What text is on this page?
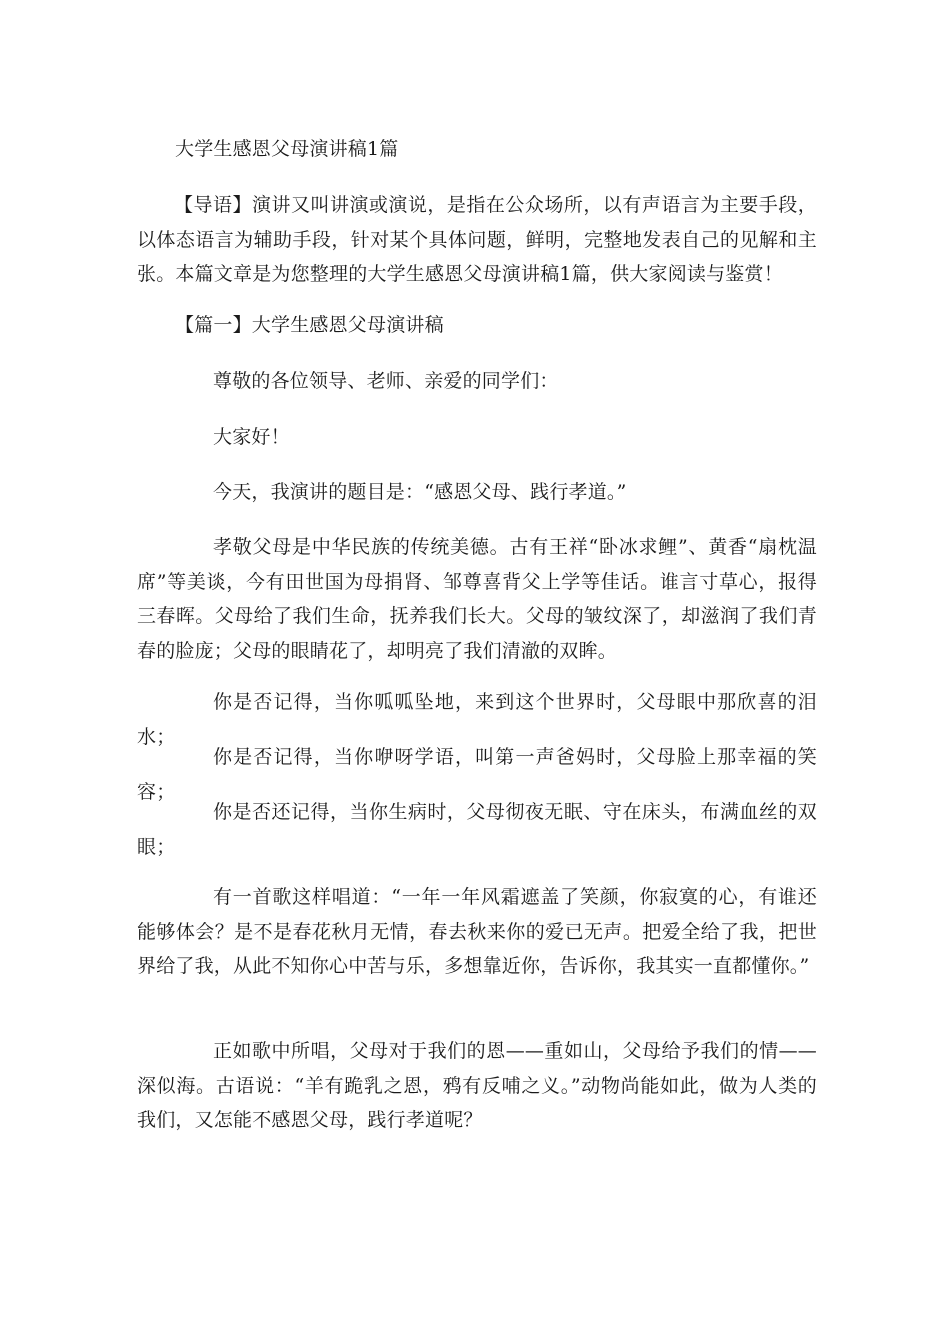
大学生感恩父母演讲稿1篇

【导语】演讲又叫讲演或演说，是指在公众场所，以有声语言为主要手段，以体态语言为辅助手段，针对某个具体问题，鲜明，完整地发表自己的见解和主张。本篇文章是为您整理的大学生感恩父母演讲稿1篇，供大家阅读与鉴赏！

【篇一】大学生感恩父母演讲稿

尊敬的各位领导、老师、亲爱的同学们：

大家好！

今天，我演讲的题目是：“感恩父母、践行孝道。”

孝敬父母是中华民族的传统美德。古有王祥“卧冰求鲤”、黄香“扇枕温席”等美谈，今有田世国为母捐肾、邹尊喜背父上学等佳话。谁言寸草心，报得三春晖。父母给了我们生命，抚养我们长大。父母的皱纹深了，却滋润了我们青春的脸庞；父母的眼睛花了，却明亮了我们清澈的双眸。

你是否记得，当你呱呱坠地，来到这个世界时，父母眼中那欣喜的泪水；

你是否记得，当你咿呀学语，叫第一声爸妈时，父母脸上那幸福的笑容；

你是否还记得，当你生病时，父母彻夜无眠、守在床头，布满血丝的双眼；

有一首歌这样唱道：“一年一年风霜遮盖了笑颜，你寂寞的心，有谁还能够体会？是不是春花秋月无情，春去秋来你的爱已无声。把爱全给了我，把世界给了我，从此不知你心中苦与乐，多想靠近你，告诉你，我其实一直都懂你。”

正如歌中所唱，父母对于我们的恩——重如山，父母给予我们的情——深似海。古语说：“羊有跪乳之恩，鸦有反哺之义。”动物尚能如此，做为人类的我们，又怎能不感恩父母，践行孝道呢？
